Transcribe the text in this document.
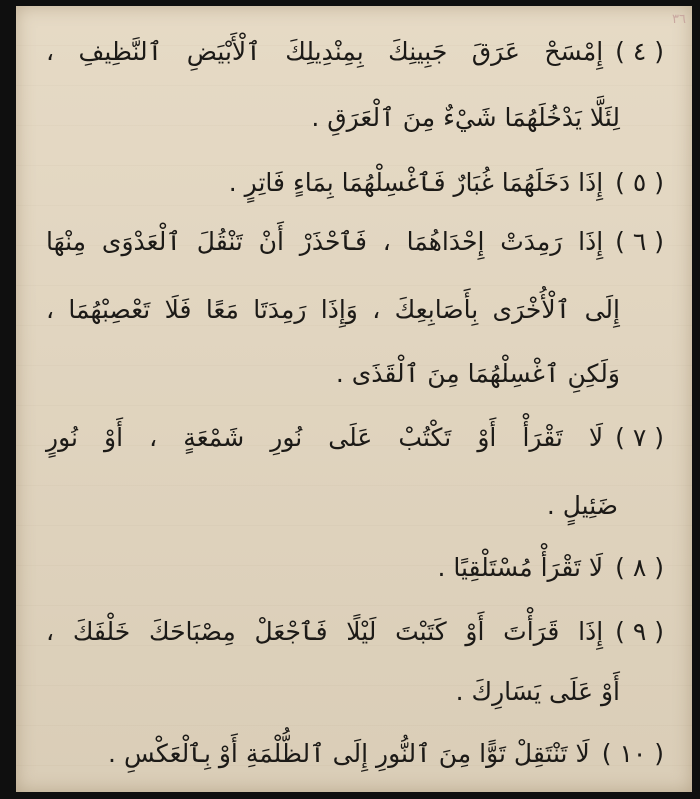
٣٦
( ٤ )إِمْسَحْ عَرَقَ جَبِينِكَ بِمِنْدِيلِكَ ٱلْأَبْيَضِ ٱلنَّظِيفِ ،
لِئَلَّا يَدْخُلَهُمَا شَيْءٌ مِنَ ٱلْعَرَقِ .
( ٥ )إِذَا دَخَلَهُمَا غُبَارٌ فَٱغْسِلْهُمَا بِمَاءٍ فَاتِرٍ .
( ٦ )إِذَا رَمِدَتْ إِحْدَاهُمَا ، فَٱحْذَرْ أَنْ تَنْقُلَ ٱلْعَدْوَى مِنْهَا
إِلَى ٱلْأُخْرَى بِأَصَابِعِكَ ، وَإِذَا رَمِدَتَا مَعًا فَلَا تَعْصِبْهُمَا ،
وَلَكِنِ ٱغْسِلْهُمَا مِنَ ٱلْقَذَى .
( ٧ )لَا تَقْرَأْ أَوْ تَكْتُبْ عَلَى نُورِ شَمْعَةٍ ، أَوْ نُورٍ
ضَئِيلٍ .
( ٨ )لَا تَقْرَأْ مُسْتَلْقِيًا .
( ٩ )إِذَا قَرَأْتَ أَوْ كَتَبْتَ لَيْلًا فَٱجْعَلْ مِصْبَاحَكَ خَلْفَكَ ،
أَوْ عَلَى يَسَارِكَ .
( ١٠ )لَا تَنْتَقِلْ تَوًّا مِنَ ٱلنُّورِ إِلَى ٱلظُّلْمَةِ أَوْ بِٱلْعَكْسِ .
